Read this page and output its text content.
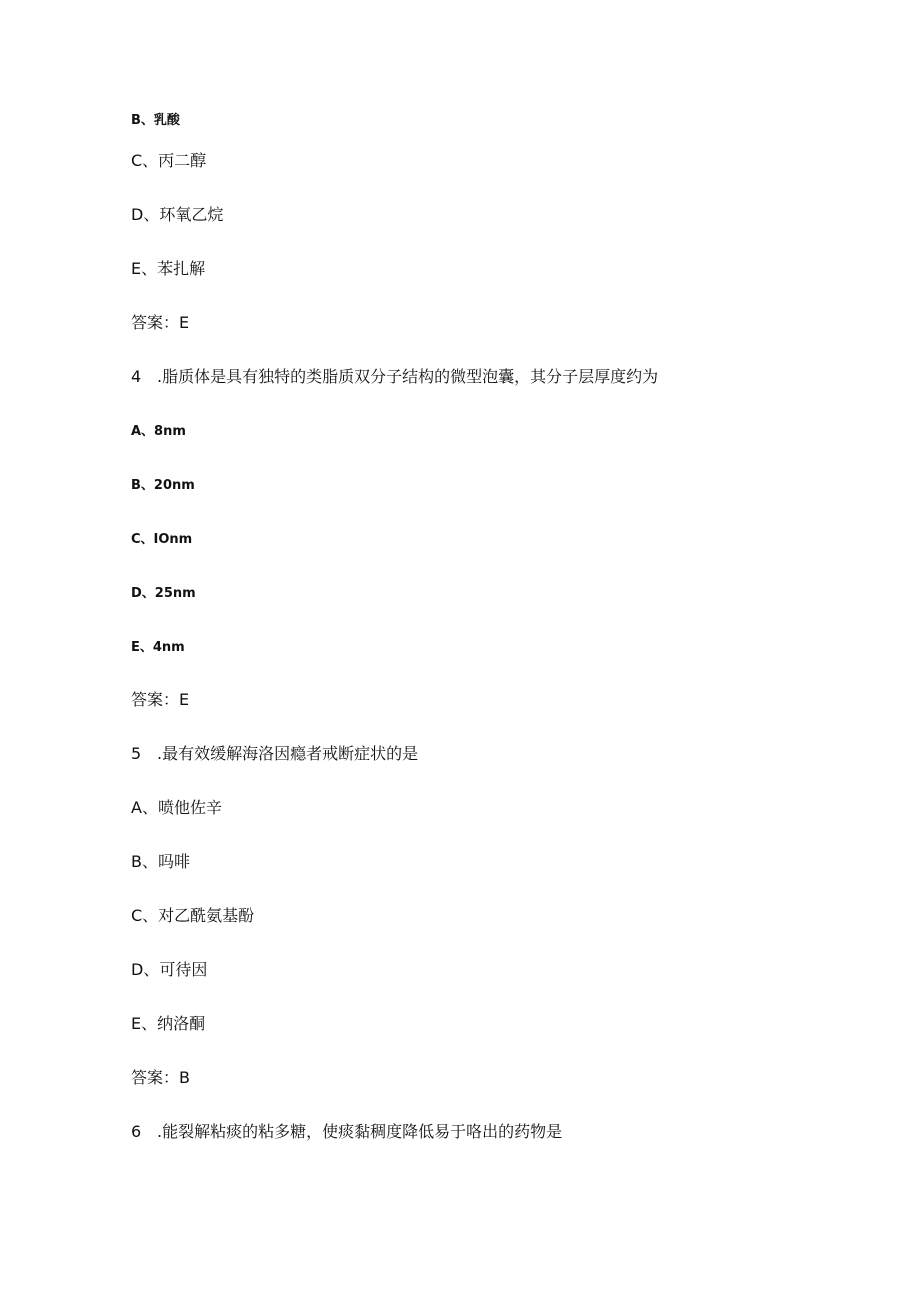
B、乳酸
C、丙二醇
D、环氧乙烷
E、苯扎解
答案：E
4 .脂质体是具有独特的类脂质双分子结构的微型泡囊，其分子层厚度约为
A、8nm
B、20nm
C、IOnm
D、25nm
E、4nm
答案：E
5 .最有效缓解海洛因瘾者戒断症状的是
A、喷他佐辛
B、吗啡
C、对乙酰氨基酚
D、可待因
E、纳洛酮
答案：B
6 .能裂解粘痰的粘多糖，使痰黏稠度降低易于咯出的药物是
